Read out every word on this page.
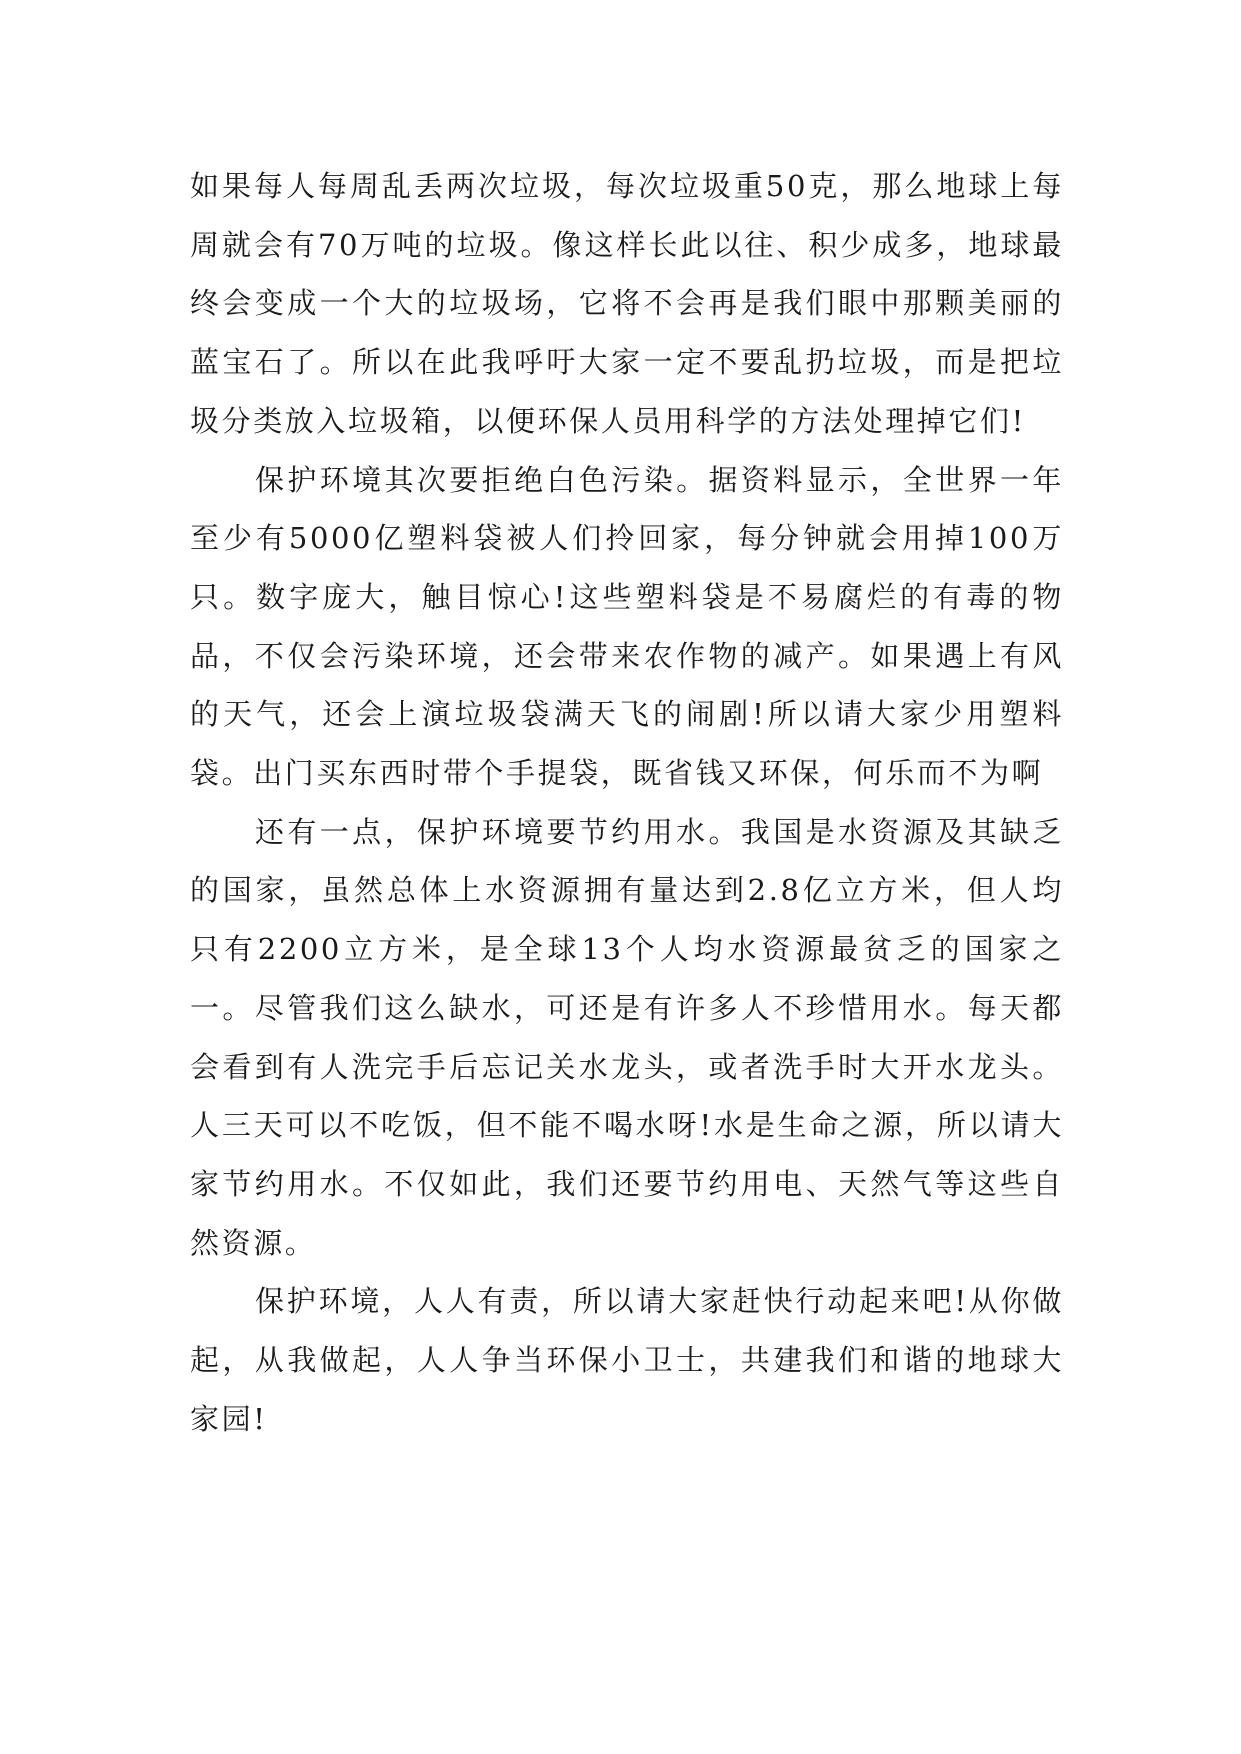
如果每人每周乱丢两次垃圾，每次垃圾重50克，那么地球上每周就会有70万吨的垃圾。像这样长此以往、积少成多，地球最终会变成一个大的垃圾场，它将不会再是我们眼中那颗美丽的蓝宝石了。所以在此我呼吁大家一定不要乱扔垃圾，而是把垃圾分类放入垃圾箱，以便环保人员用科学的方法处理掉它们!

保护环境其次要拒绝白色污染。据资料显示，全世界一年至少有5000亿塑料袋被人们拎回家，每分钟就会用掉100万只。数字庞大，触目惊心!这些塑料袋是不易腐烂的有毒的物品，不仅会污染环境，还会带来农作物的减产。如果遇上有风的天气，还会上演垃圾袋满天飞的闹剧!所以请大家少用塑料袋。出门买东西时带个手提袋，既省钱又环保，何乐而不为啊

还有一点，保护环境要节约用水。我国是水资源及其缺乏的国家，虽然总体上水资源拥有量达到2.8亿立方米，但人均只有2200立方米，是全球13个人均水资源最贫乏的国家之一。尽管我们这么缺水，可还是有许多人不珍惜用水。每天都会看到有人洗完手后忘记关水龙头，或者洗手时大开水龙头。人三天可以不吃饭，但不能不喝水呀!水是生命之源，所以请大家节约用水。不仅如此，我们还要节约用电、天然气等这些自然资源。

保护环境，人人有责，所以请大家赶快行动起来吧!从你做起，从我做起，人人争当环保小卫士，共建我们和谐的地球大家园!
